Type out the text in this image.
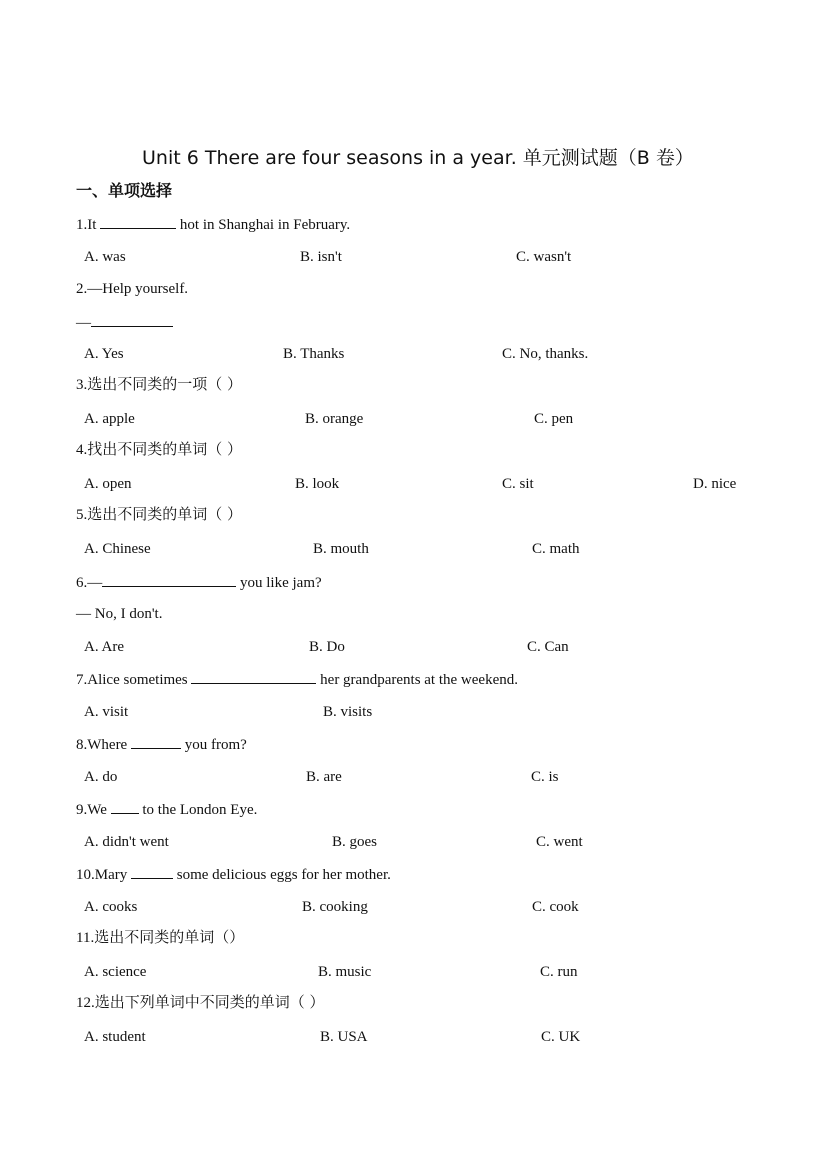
Unit 6 There are four seasons in a year. 单元测试题（B 卷）
一、单项选择
1.It	hot in Shanghai in February.
A. was	B. isn't	C. wasn't
2.—Help yourself.
—
A. Yes	B. Thanks	C. No, thanks.
3.选出不同类的一项（ ）
A. apple	B. orange	C. pen
4.找出不同类的单词（ ）
A. open	B. look	C. sit	D. nice
5.选出不同类的单词（ ）
A. Chinese	B. mouth	C. math
6.—	you like jam?
— No, I don't.
A. Are	B. Do	C. Can
7.Alice sometimes	her grandparents at the weekend.
A. visit	B. visits
8.Where	you from?
A. do	B. are	C. is
9.We  to the London Eye.
A. didn't went	B. goes	C. went
10.Mary	some delicious eggs for her mother.
A. cooks	B. cooking	C. cook
11.选出不同类的单词（）
A. science	B. music	C. run
12.选出下列单词中不同类的单词（ ）
A. student	B. USA	C. UK
